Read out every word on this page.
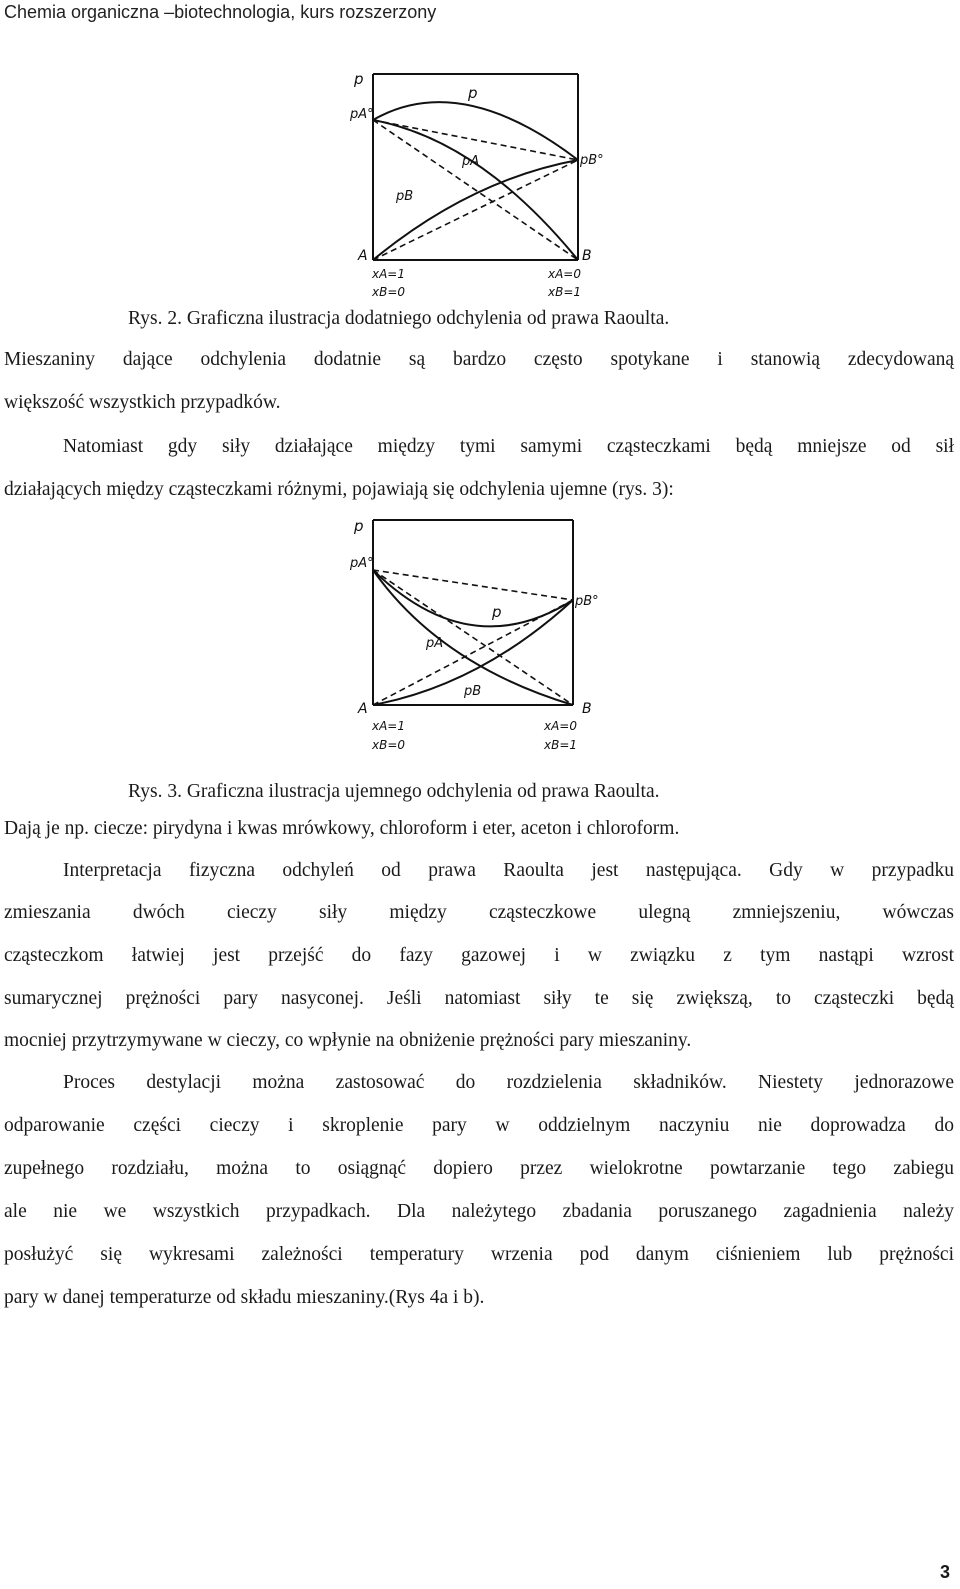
Chemia organiczna –biotechnologia, kurs rozszerzony
p
pA°
p
pA
pB
pB°
A	B
xA=1
xB=0
xA=0
xB=1
Rys. 2. Graficzna ilustracja dodatniego odchylenia od prawa Raoulta.
Mieszaniny dające odchylenia dodatnie są bardzo często spotykane i stanowią zdecydowaną
większość wszystkich przypadków.
Natomiast gdy siły działające między tymi samymi cząsteczkami będą mniejsze od sił
działających między cząsteczkami różnymi, pojawiają się odchylenia ujemne (rys. 3):
p
pA°
p
pA
pB
pB°
A	B
xA=1
xB=0
xA=0
xB=1
Rys. 3. Graficzna ilustracja ujemnego odchylenia od prawa Raoulta.
Dają je np. ciecze: pirydyna i kwas mrówkowy, chloroform i eter, aceton i chloroform.
Interpretacja fizyczna odchyleń od prawa Raoulta jest następująca. Gdy w przypadku
zmieszania dwóch cieczy siły między cząsteczkowe ulegną zmniejszeniu, wówczas
cząsteczkom łatwiej jest przejść do fazy gazowej i w związku z tym nastąpi wzrost
sumarycznej prężności pary nasyconej. Jeśli natomiast siły te się zwiększą, to cząsteczki będą
mocniej przytrzymywane w cieczy, co wpłynie na obniżenie prężności pary mieszaniny.
Proces destylacji można zastosować do rozdzielenia składników. Niestety jednorazowe
odparowanie części cieczy i skroplenie pary w oddzielnym naczyniu nie doprowadza do
zupełnego rozdziału, można to osiągnąć dopiero przez wielokrotne powtarzanie tego zabiegu
ale nie we wszystkich przypadkach. Dla należytego zbadania poruszanego zagadnienia należy
posłużyć się wykresami zależności temperatury wrzenia pod danym ciśnieniem lub prężności
pary w danej temperaturze od składu mieszaniny.(Rys 4a i b).
3
